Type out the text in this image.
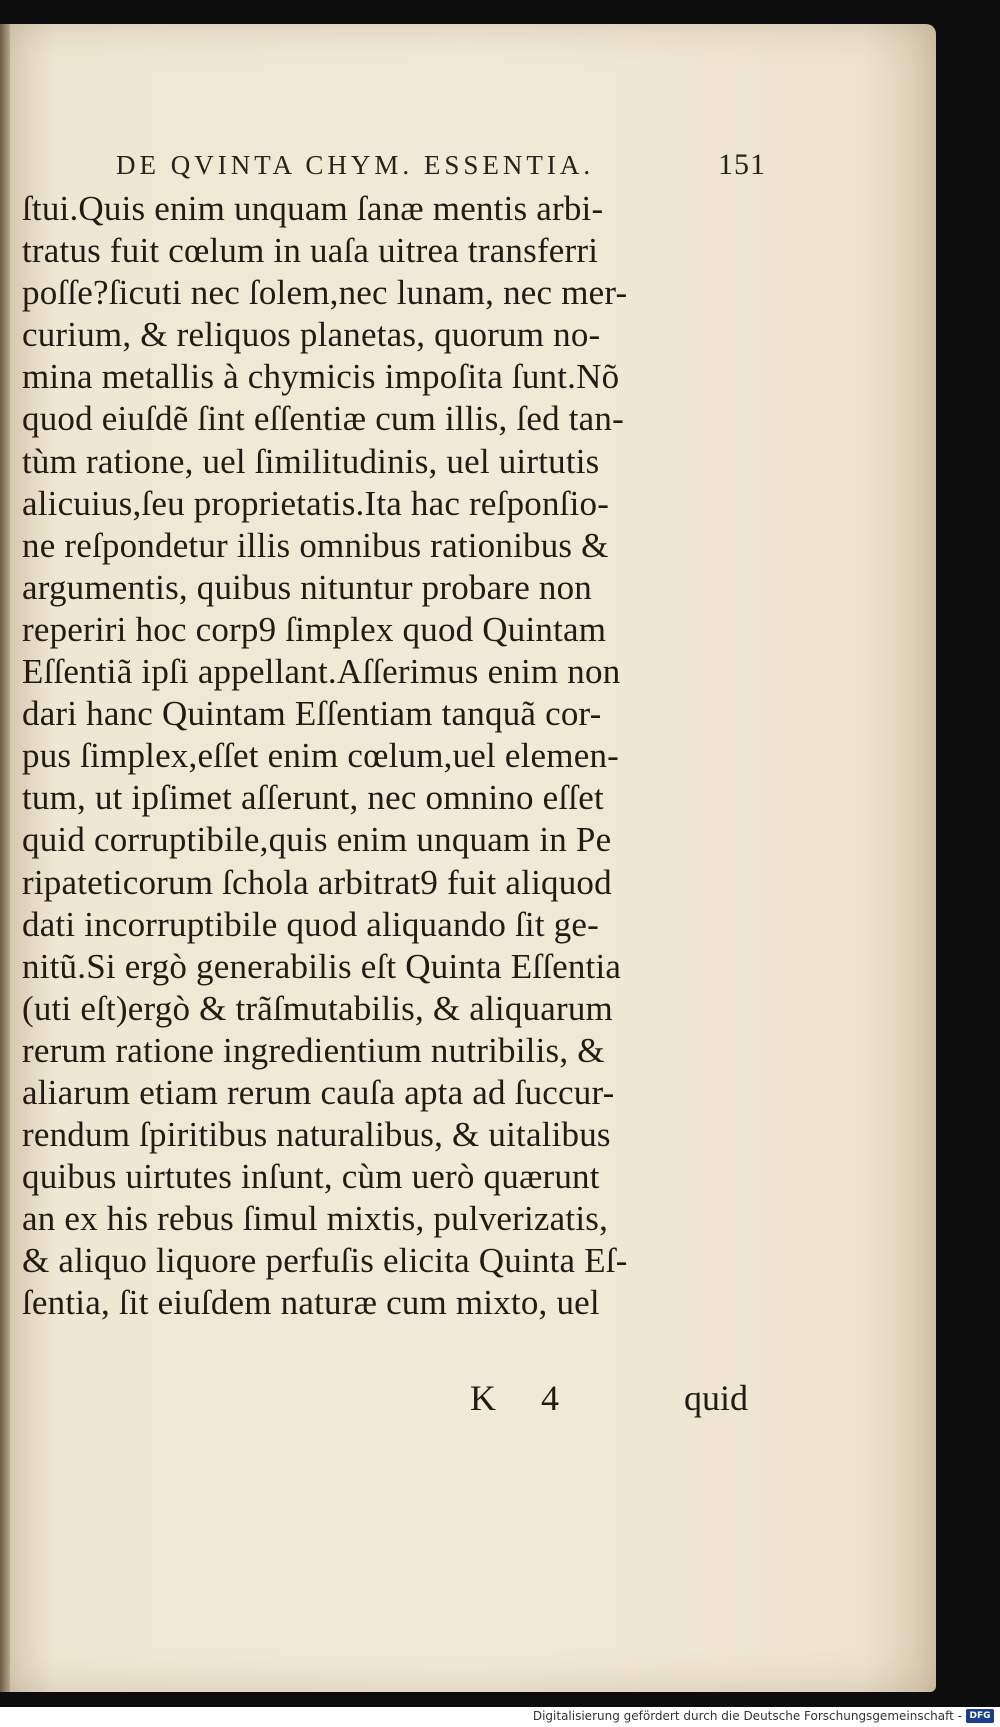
DE QVINTA CHYM. ESSENTIA.	151
ſtui.Quis enim unquam ſanæ mentis arbi-
tratus fuit cœlum in uaſa uitrea transferri
poſſe?ſicuti nec ſolem,nec lunam, nec mer-
curium, & reliquos planetas, quorum no-
mina metallis à chymicis impoſita ſunt.Nõ
quod eiuſdẽ ſint eſſentiæ cum illis, ſed tan-
tùm ratione, uel ſimilitudinis, uel uirtutis
alicuius,ſeu proprietatis.Ita hac reſponſio-
ne reſpondetur illis omnibus rationibus &
argumentis, quibus nituntur probare non
reperiri hoc corp9 ſimplex quod Quintam
Eſſentiã ipſi appellant.Aſſerimus enim non
dari hanc Quintam Eſſentiam tanquã cor-
pus ſimplex,eſſet enim cœlum,uel elemen-
tum, ut ipſimet aſſerunt, nec omnino eſſet
quid corruptibile,quis enim unquam in Pe
ripateticorum ſchola arbitrat9 fuit aliquod
dati incorruptibile quod aliquando ſit ge-
nitũ.Si ergò generabilis eſt Quinta Eſſentia
(uti eſt)ergò & trãſmutabilis, & aliquarum
rerum ratione ingredientium nutribilis, &
aliarum etiam rerum cauſa apta ad ſuccur-
rendum ſpiritibus naturalibus, & uitalibus
quibus uirtutes inſunt, cùm uerò quærunt
an ex his rebus ſimul mixtis, pulverizatis,
& aliquo liquore perfuſis elicita Quinta Eſ-
ſentia, ſit eiuſdem naturæ cum mixto, uel
K 4	quid
Digitalisierung gefördert durch die Deutsche Forschungsgemeinschaft - DFG
